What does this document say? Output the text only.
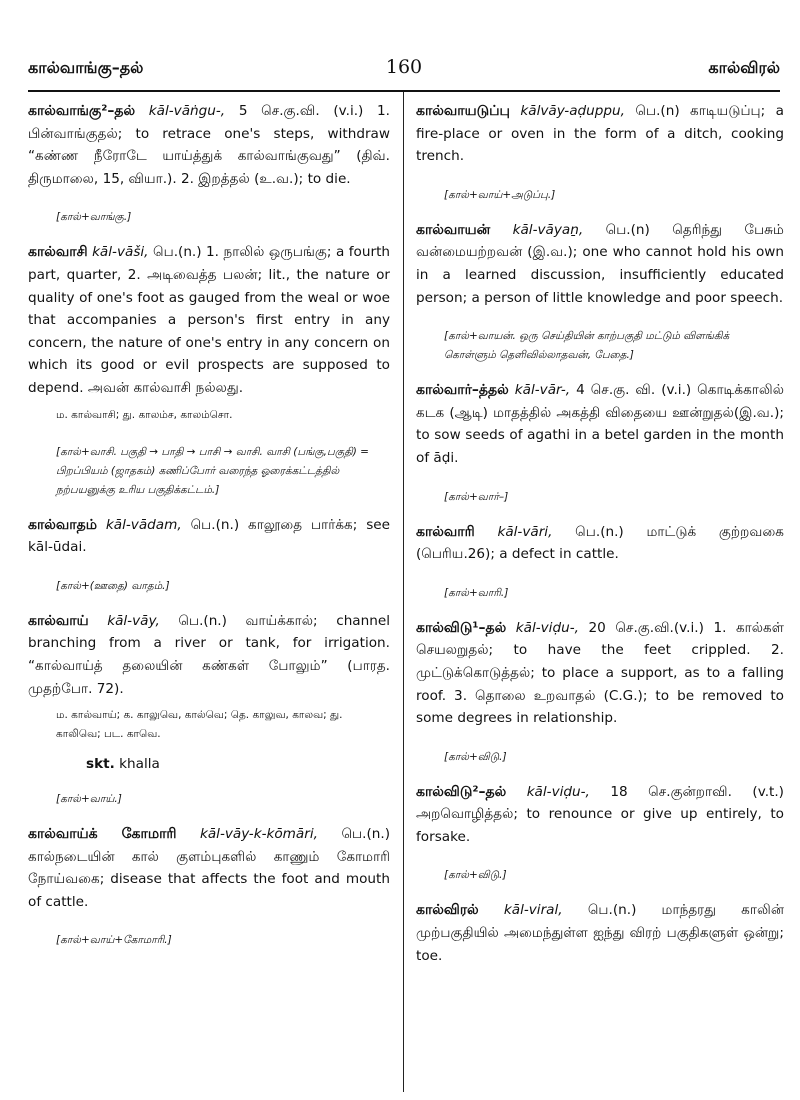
கால்வாங்கு–தல்	160	கால்விரல்

கால்வாங்கு²–தல் kāl-vāṅgu-, 5 செ.கு.வி. (v.i.) 1. பின்வாங்குதல்; to retrace one's steps, withdraw “கண்ண நீரோடே யாய்த்துக் கால்வாங்குவது” (திவ். திருமாலை, 15, வியா.). 2. இறத்தல் (உ.வ.); to die.

[கால்+வாங்கு.]

கால்வாசி kāl-vāši, பெ.(n.) 1. நாலில் ஒருபங்கு; a fourth part, quarter, 2. அடிவைத்த பலன்; lit., the nature or quality of one's foot as gauged from the weal or woe that accompanies a person's first entry in any concern, the nature of one's entry in any concern on which its good or evil prospects are supposed to depend. அவன் கால்வாசி நல்லது.

ம. கால்வாசி; து. காலம்ச, காலம்சொ.

[கால்+வாசி. பகுதி → பாதி → பாசி → வாசி. வாசி (பங்கு,பகுதி) = பிறப்பியம் (ஜாதகம்) கணிப்போர் வரைந்த ஓரைக்கட்டத்தில் நற்பயனுக்கு உரிய பகுதிக்கட்டம்.]

கால்வாதம் kāl-vādam, பெ.(n.) காலூதை பார்க்க; see kāl-ūdai.

[கால்+(ஊதை) வாதம்.]

கால்வாய் kāl-vāy, பெ.(n.) வாய்க்கால்; channel branching from a river or tank, for irrigation. “கால்வாய்த் தலையின் கண்கள் போலும்” (பாரத. முதற்போ. 72).

ம. கால்வாய்; க. காலுவெ, கால்வெ; தெ. காலுவ, காலவ; து. காலிவெ; பட. காவெ.

skt. khalla

[கால்+வாய்.]

கால்வாய்க் கோமாரி kāl-vāy-k-kōmāri, பெ.(n.) கால்நடையின் கால் குளம்புகளில் காணும் கோமாரி நோய்வகை; disease that affects the foot and mouth of cattle.

[கால்+வாய்+கோமாரி.]

கால்வாயடுப்பு kālvāy-aḍuppu, பெ.(n) காடியடுப்பு; a fire-place or oven in the form of a ditch, cooking trench.

[கால்+வாய்+அடுப்பு.]

கால்வாயன் kāl-vāyaṉ, பெ.(n) தெரிந்து பேசும் வன்மையற்றவன் (இ.வ.); one who cannot hold his own in a learned discussion, insufficiently educated person; a person of little knowledge and poor speech.

[கால்+வாயன். ஒரு செய்தியின் காற்பகுதி மட்டும் விளங்கிக் கொள்ளும் தெளிவில்லாதவன், பேதை.]

கால்வார்–த்தல் kāl-vār-, 4 செ.கு. வி. (v.i.) கொடிக்காலில் கடக (ஆடி) மாதத்தில் அகத்தி விதையை ஊன்றுதல்(இ.வ.); to sow seeds of agathi in a betel garden in the month of āḍi.

[கால்+வார்–]

கால்வாரி kāl-vāri, பெ.(n.) மாட்டுக் குற்றவகை (பெரிய.26); a defect in cattle.

[கால்+வாரி.]

கால்விடு¹–தல் kāl-viḍu-, 20 செ.கு.வி.(v.i.) 1. கால்கள் செயலறுதல்; to have the feet crippled. 2. முட்டுக்கொடுத்தல்; to place a support, as to a falling roof. 3. தொலை உறவாதல் (C.G.); to be removed to some degrees in relationship.

[கால்+விடு.]

கால்விடு²–தல் kāl-viḍu-, 18 செ.குன்றாவி. (v.t.) அறவொழித்தல்; to renounce or give up entirely, to forsake.

[கால்+விடு.]

கால்விரல் kāl-viral, பெ.(n.) மாந்தரது காலின் முற்பகுதியில் அமைந்துள்ள ஐந்து விரற் பகுதிகளுள் ஒன்று; toe.
